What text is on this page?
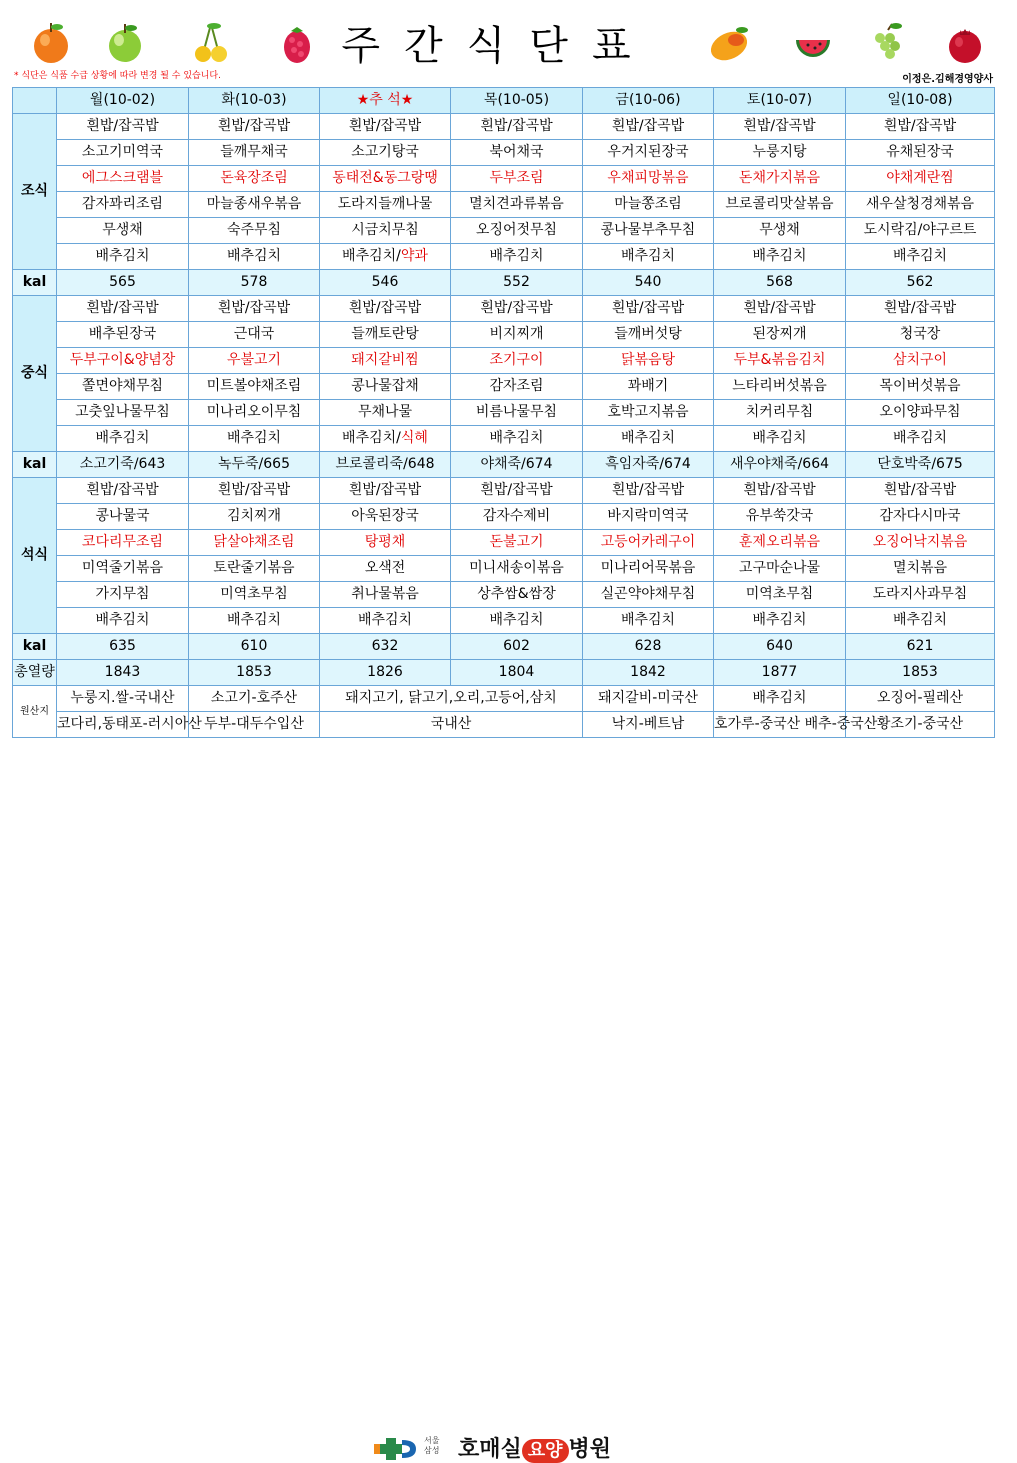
주간식단표
* 식단은 식품 수급 상황에 따라 변경 될 수 있습니다.	이정은.김해경영양사
	월(10-02)	화(10-03)	★추 석★	목(10-05)	금(10-06)	토(10-07)	일(10-08)
조식	흰밥/잡곡밥	흰밥/잡곡밥	흰밥/잡곡밥	흰밥/잡곡밥	흰밥/잡곡밥	흰밥/잡곡밥	흰밥/잡곡밥
	소고기미역국	들깨무채국	소고기탕국	북어채국	우거지된장국	누룽지탕	유채된장국
	에그스크램블	돈육장조림	동태전&동그랑땡	두부조림	우채피망볶음	돈채가지볶음	야채계란찜
	감자꽈리조림	마늘종새우볶음	도라지들깨나물	멸치견과류볶음	마늘쫑조림	브로콜리맛살볶음	새우살청경채볶음
	무생채	숙주무침	시금치무침	오징어젓무침	콩나물부추무침	무생채	도시락김/야구르트
	배추김치	배추김치	배추김치/약과	배추김치	배추김치	배추김치	배추김치
kal	565	578	546	552	540	568	562
중식	흰밥/잡곡밥	흰밥/잡곡밥	흰밥/잡곡밥	흰밥/잡곡밥	흰밥/잡곡밥	흰밥/잡곡밥	흰밥/잡곡밥
	배추된장국	근대국	들깨토란탕	비지찌개	들깨버섯탕	된장찌개	청국장
	두부구이&양념장	우불고기	돼지갈비찜	조기구이	닭볶음탕	두부&볶음김치	삼치구이
	쫄면야채무침	미트볼야채조림	콩나물잡채	감자조림	꽈배기	느타리버섯볶음	목이버섯볶음
	고춧잎나물무침	미나리오이무침	무채나물	비름나물무침	호박고지볶음	치커리무침	오이양파무침
	배추김치	배추김치	배추김치/식혜	배추김치	배추김치	배추김치	배추김치
kal	소고기죽/643	녹두죽/665	브로콜리죽/648	야채죽/674	흑임자죽/674	새우야채죽/664	단호박죽/675
석식	흰밥/잡곡밥	흰밥/잡곡밥	흰밥/잡곡밥	흰밥/잡곡밥	흰밥/잡곡밥	흰밥/잡곡밥	흰밥/잡곡밥
	콩나물국	김치찌개	아욱된장국	감자수제비	바지락미역국	유부쑥갓국	감자다시마국
	코다리무조림	닭살야채조림	탕평채	돈불고기	고등어카레구이	훈제오리볶음	오징어낙지볶음
	미역줄기볶음	토란줄기볶음	오색전	미니새송이볶음	미나리어묵볶음	고구마순나물	멸치볶음
	가지무침	미역초무침	취나물볶음	상추쌈&쌈장	실곤약야채무침	미역초무침	도라지사과무침
	배추김치	배추김치	배추김치	배추김치	배추김치	배추김치	배추김치
kal	635	610	632	602	628	640	621
총열량	1843	1853	1826	1804	1842	1877	1853
원산지	누룽지.쌀-국내산	소고기-호주산	돼지고기, 닭고기,오리,고등어,삼치		돼지갈비-미국산	배추김치	오징어-필레산
	코다리,동태포-러시아산	두부-대두수입산	국내산		낙지-베트남	호가루-중국산 배추-중국산	황조기-중국산
서울
삼성 호매실 요양 병원
